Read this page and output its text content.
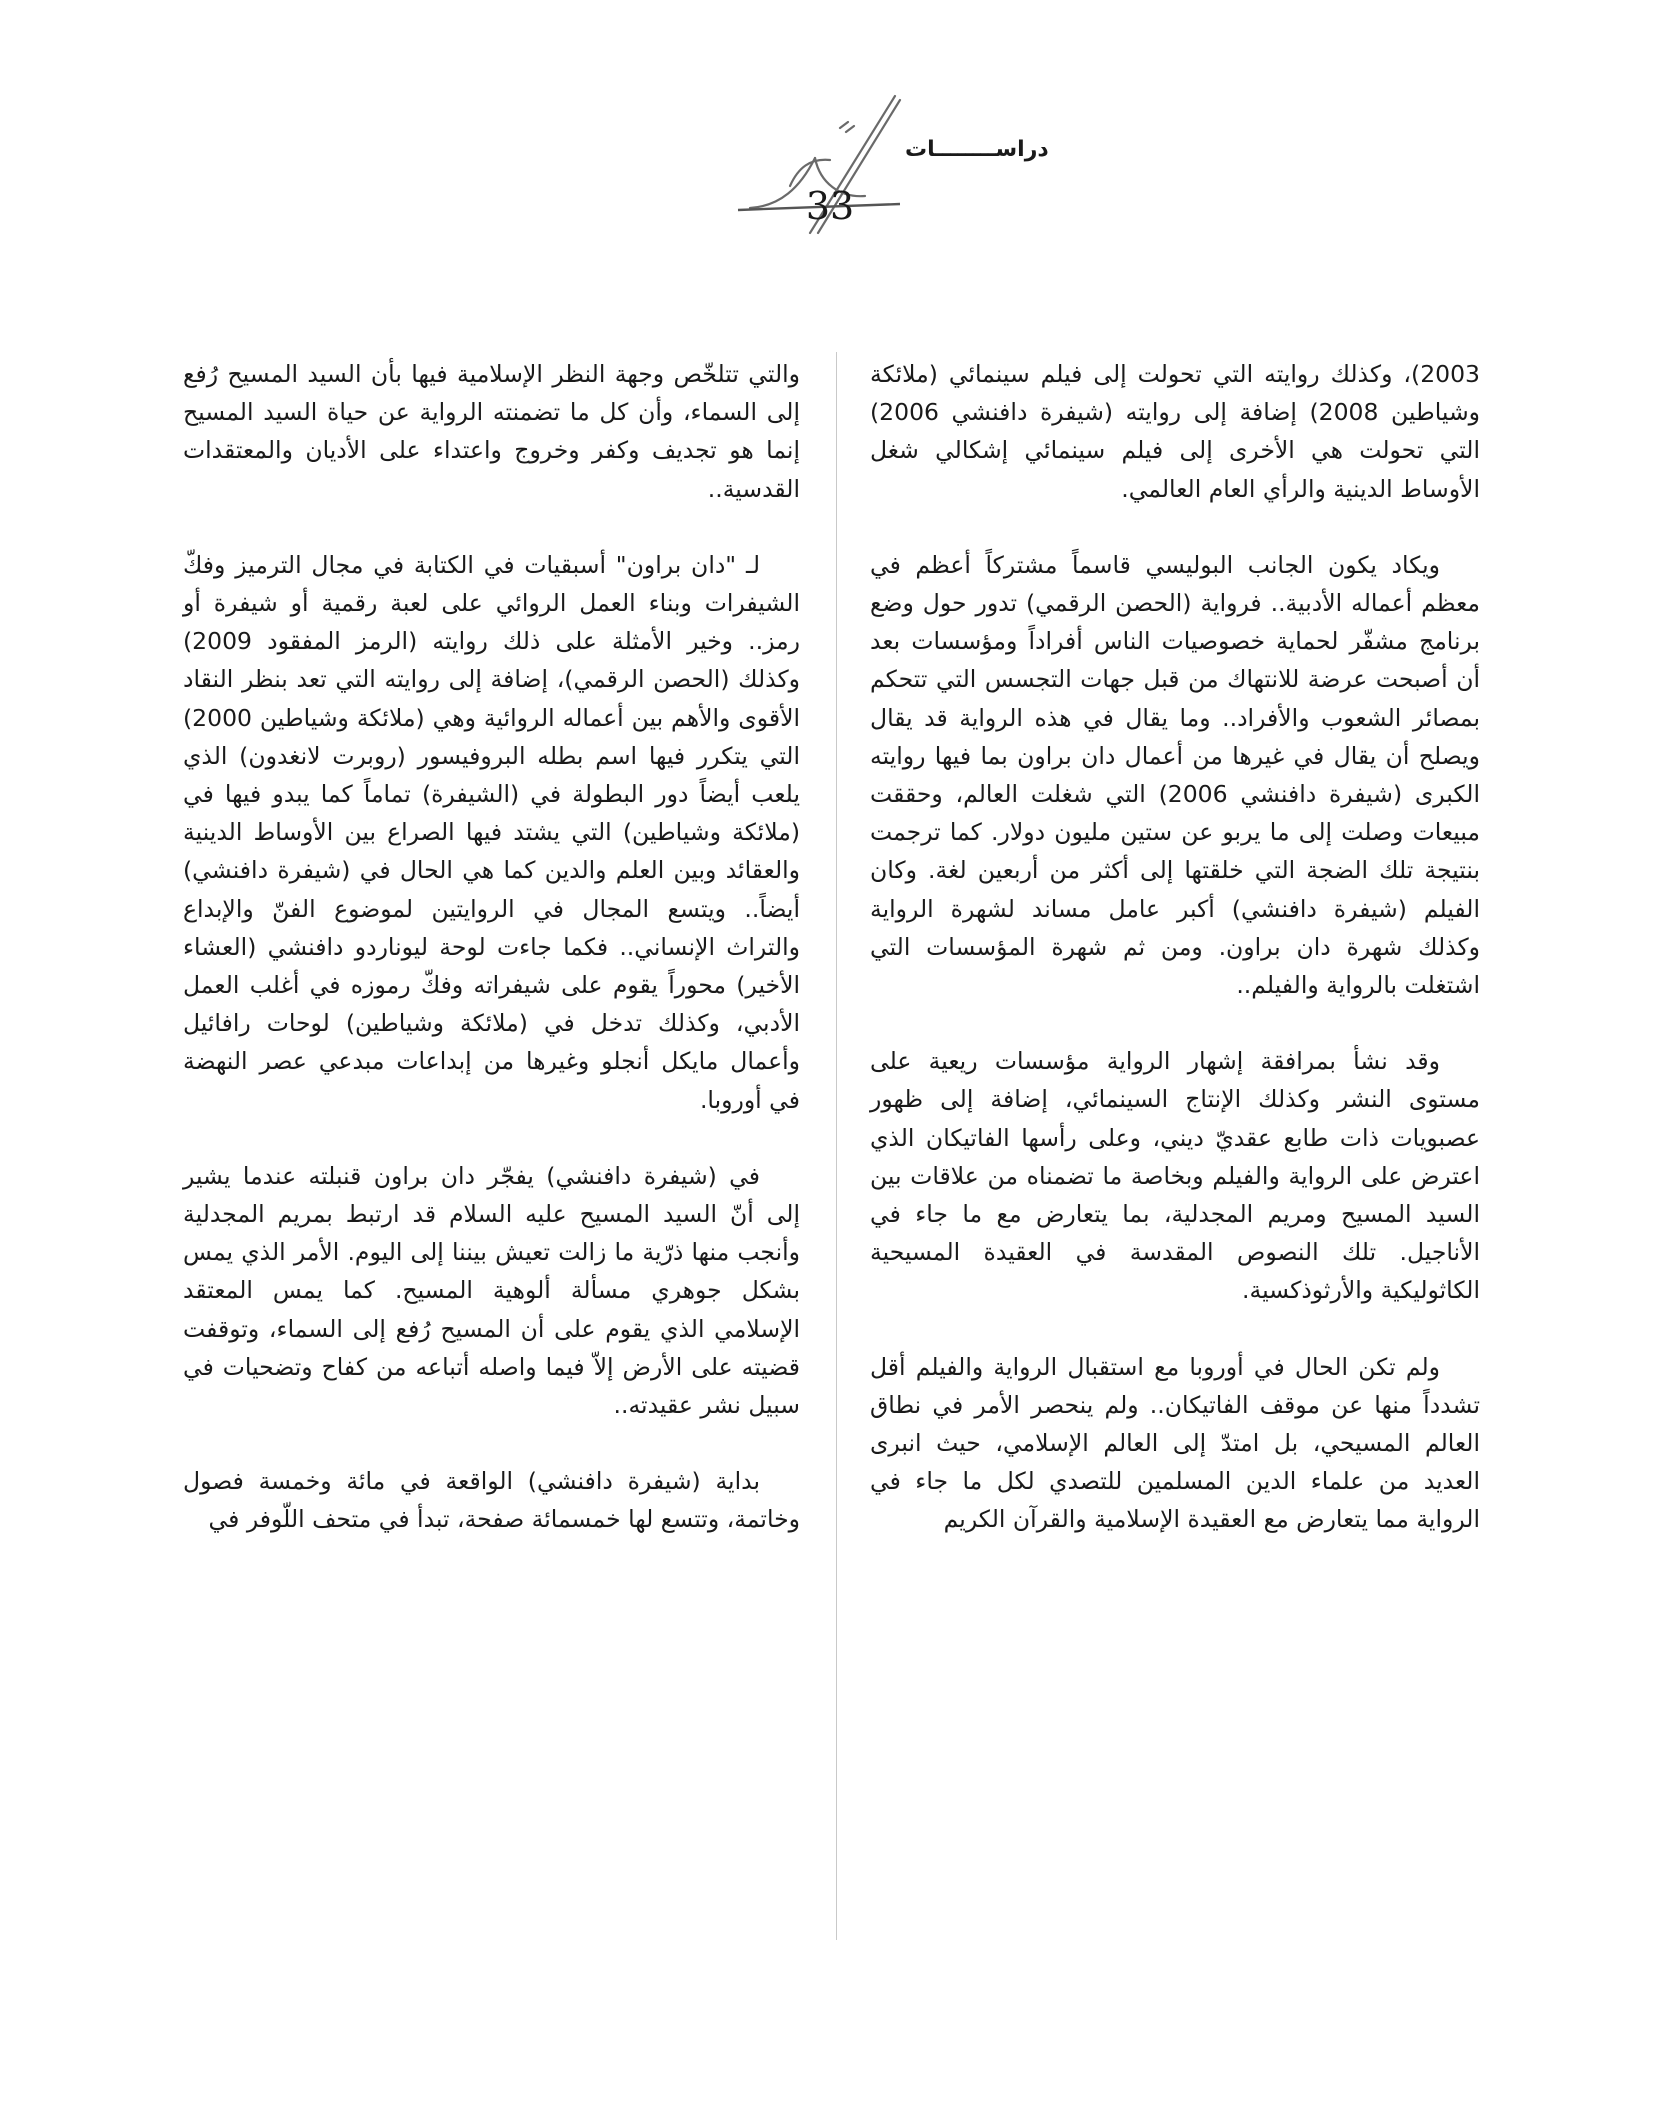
دراســــــــات
33

2003)، وكذلك روايته التي تحولت إلى فيلم سينمائي (ملائكة وشياطين 2008) إضافة إلى روايته (شيفرة دافنشي 2006) التي تحولت هي الأخرى إلى فيلم سينمائي إشكالي شغل الأوساط الدينية والرأي العام العالمي.

ويكاد يكون الجانب البوليسي قاسماً مشتركاً أعظم في معظم أعماله الأدبية.. فرواية (الحصن الرقمي) تدور حول وضع برنامج مشفّر لحماية خصوصيات الناس أفراداً ومؤسسات بعد أن أصبحت عرضة للانتهاك من قبل جهات التجسس التي تتحكم بمصائر الشعوب والأفراد.. وما يقال في هذه الرواية قد يقال ويصلح أن يقال في غيرها من أعمال دان براون بما فيها روايته الكبرى (شيفرة دافنشي 2006) التي شغلت العالم، وحققت مبيعات وصلت إلى ما يربو عن ستين مليون دولار. كما ترجمت بنتيجة تلك الضجة التي خلقتها إلى أكثر من أربعين لغة. وكان الفيلم (شيفرة دافنشي) أكبر عامل مساند لشهرة الرواية وكذلك شهرة دان براون. ومن ثم شهرة المؤسسات التي اشتغلت بالرواية والفيلم..

وقد نشأ بمرافقة إشهار الرواية مؤسسات ريعية على مستوى النشر وكذلك الإنتاج السينمائي، إضافة إلى ظهور عصبويات ذات طابع عقديّ ديني، وعلى رأسها الفاتيكان الذي اعترض على الرواية والفيلم وبخاصة ما تضمناه من علاقات بين السيد المسيح ومريم المجدلية، بما يتعارض مع ما جاء في الأناجيل. تلك النصوص المقدسة في العقيدة المسيحية الكاثوليكية والأرثوذكسية.

ولم تكن الحال في أوروبا مع استقبال الرواية والفيلم أقل تشدداً منها عن موقف الفاتيكان.. ولم ينحصر الأمر في نطاق العالم المسيحي، بل امتدّ إلى العالم الإسلامي، حيث انبرى العديد من علماء الدين المسلمين للتصدي لكل ما جاء في الرواية مما يتعارض مع العقيدة الإسلامية والقرآن الكريم

والتي تتلخّص وجهة النظر الإسلامية فيها بأن السيد المسيح رُفع إلى السماء، وأن كل ما تضمنته الرواية عن حياة السيد المسيح إنما هو تجديف وكفر وخروج واعتداء على الأديان والمعتقدات القدسية..

لـ "دان براون" أسبقيات في الكتابة في مجال الترميز وفكّ الشيفرات وبناء العمل الروائي على لعبة رقمية أو شيفرة أو رمز.. وخير الأمثلة على ذلك روايته (الرمز المفقود 2009) وكذلك (الحصن الرقمي)، إضافة إلى روايته التي تعد بنظر النقاد الأقوى والأهم بين أعماله الروائية وهي (ملائكة وشياطين 2000) التي يتكرر فيها اسم بطله البروفيسور (روبرت لانغدون) الذي يلعب أيضاً دور البطولة في (الشيفرة) تماماً كما يبدو فيها في (ملائكة وشياطين) التي يشتد فيها الصراع بين الأوساط الدينية والعقائد وبين العلم والدين كما هي الحال في (شيفرة دافنشي) أيضاً.. ويتسع المجال في الروايتين لموضوع الفنّ والإبداع والتراث الإنساني.. فكما جاءت لوحة ليوناردو دافنشي (العشاء الأخير) محوراً يقوم على شيفراته وفكّ رموزه في أغلب العمل الأدبي، وكذلك تدخل في (ملائكة وشياطين) لوحات رافائيل وأعمال مايكل أنجلو وغيرها من إبداعات مبدعي عصر النهضة في أوروبا.

في (شيفرة دافنشي) يفجّر دان براون قنبلته عندما يشير إلى أنّ السيد المسيح عليه السلام قد ارتبط بمريم المجدلية وأنجب منها ذرّية ما زالت تعيش بيننا إلى اليوم. الأمر الذي يمس بشكل جوهري مسألة ألوهية المسيح. كما يمس المعتقد الإسلامي الذي يقوم على أن المسيح رُفع إلى السماء، وتوقفت قضيته على الأرض إلاّ فيما واصله أتباعه من كفاح وتضحيات في سبيل نشر عقيدته..

بداية (شيفرة دافنشي) الواقعة في مائة وخمسة فصول وخاتمة، وتتسع لها خمسمائة صفحة، تبدأ في متحف اللّوفر في
